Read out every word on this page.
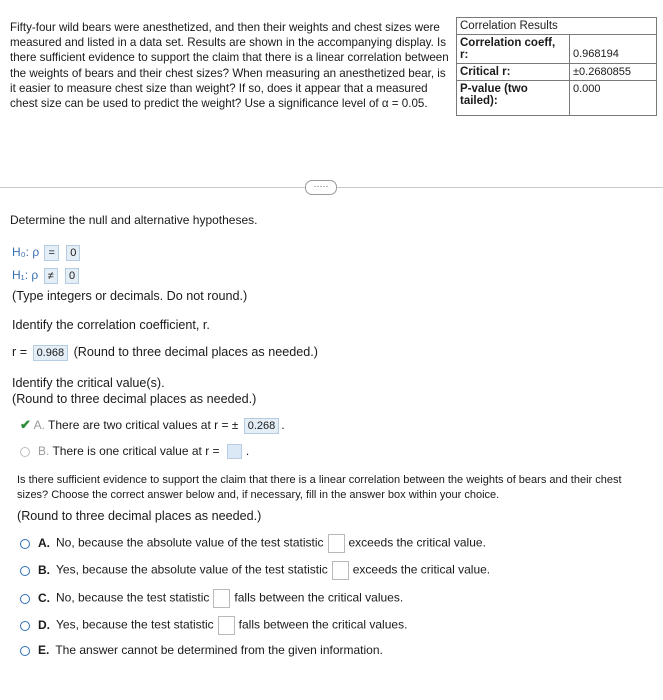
Fifty-four wild bears were anesthetized, and then their weights and chest sizes were measured and listed in a data set. Results are shown in the accompanying display. Is there sufficient evidence to support the claim that there is a linear correlation between the weights of bears and their chest sizes? When measuring an anesthetized bear, is it easier to measure chest size than weight? If so, does it appear that a measured chest size can be used to predict the weight? Use a significance level of α = 0.05.
Correlation Results	
Correlation coeff, r:	0.968194
Critical r:	±0.2680855
P-value (two tailed):	0.000
·····
Determine the null and alternative hypotheses.
H₀: ρ = 0
H₁: ρ ≠ 0
(Type integers or decimals. Do not round.)
Identify the correlation coefficient, r.
r = 0.968 (Round to three decimal places as needed.)
Identify the critical value(s).
(Round to three decimal places as needed.)
✔ A. There are two critical values at r = ± 0.268 .
B. There is one critical value at r = .
Is there sufficient evidence to support the claim that there is a linear correlation between the weights of bears and their chest sizes? Choose the correct answer below and, if necessary, fill in the answer box within your choice.
(Round to three decimal places as needed.)
A. No, because the absolute value of the test statistic exceeds the critical value.
B. Yes, because the absolute value of the test statistic exceeds the critical value.
C. No, because the test statistic falls between the critical values.
D. Yes, because the test statistic falls between the critical values.
E. The answer cannot be determined from the given information.
